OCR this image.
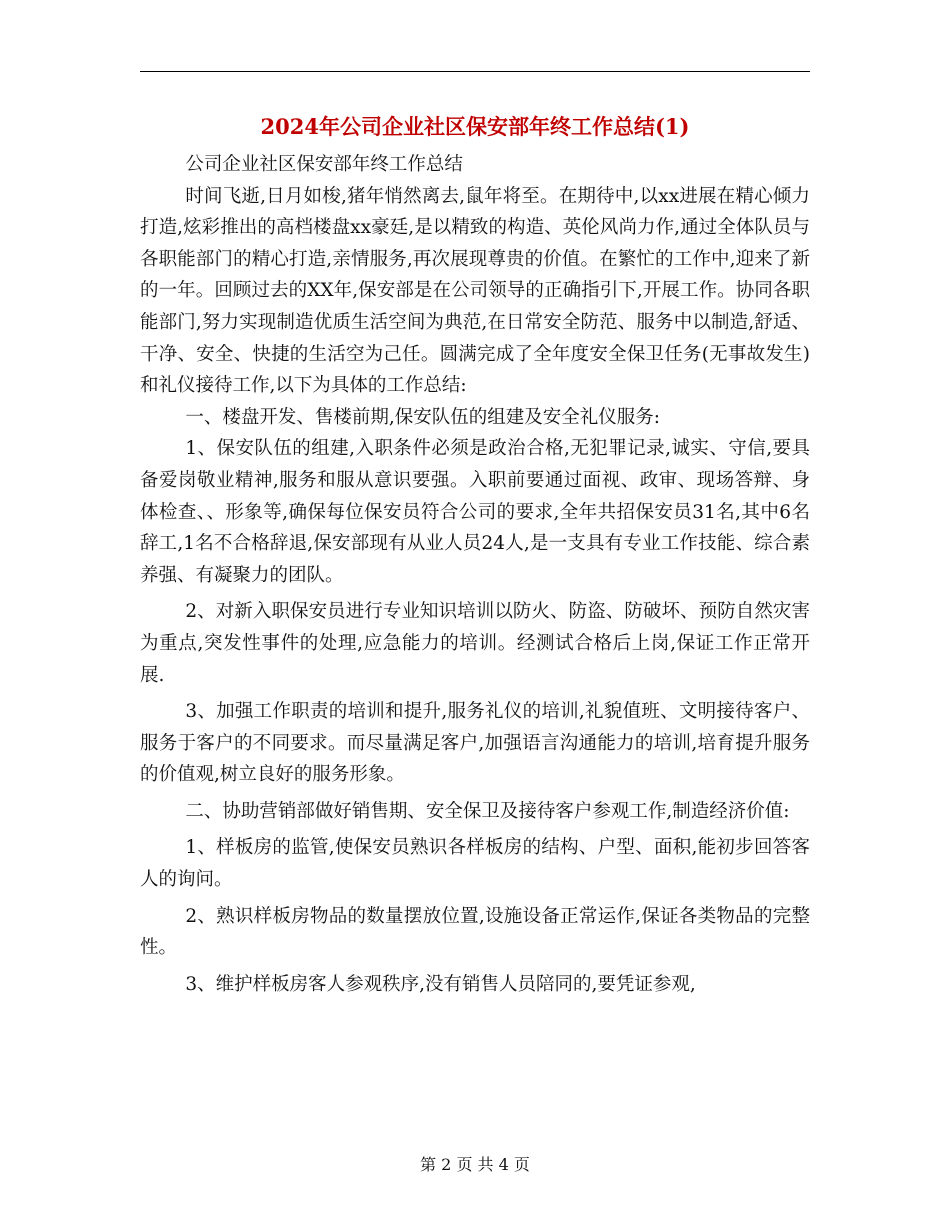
2024年公司企业社区保安部年终工作总结(1)

公司企业社区保安部年终工作总结

时间飞逝,日月如梭,猪年悄然离去,鼠年将至。在期待中,以xx进展在精心倾力打造,炫彩推出的高档楼盘xx豪廷,是以精致的构造、英伦风尚力作,通过全体队员与各职能部门的精心打造,亲情服务,再次展现尊贵的价值。在繁忙的工作中,迎来了新的一年。回顾过去的XX年,保安部是在公司领导的正确指引下,开展工作。协同各职能部门,努力实现制造优质生活空间为典范,在日常安全防范、服务中以制造,舒适、干净、安全、快捷的生活空为己任。圆满完成了全年度安全保卫任务(无事故发生)和礼仪接待工作,以下为具体的工作总结:

一、楼盘开发、售楼前期,保安队伍的组建及安全礼仪服务:

1、保安队伍的组建,入职条件必须是政治合格,无犯罪记录,诚实、守信,要具备爱岗敬业精神,服务和服从意识要强。入职前要通过面视、政审、现场答辩、身体检查、、形象等,确保每位保安员符合公司的要求,全年共招保安员31名,其中6名辞工,1名不合格辞退,保安部现有从业人员24人,是一支具有专业工作技能、综合素养强、有凝聚力的团队。

2、对新入职保安员进行专业知识培训以防火、防盗、防破坏、预防自然灾害为重点,突发性事件的处理,应急能力的培训。经测试合格后上岗,保证工作正常开展.

3、加强工作职责的培训和提升,服务礼仪的培训,礼貌值班、文明接待客户、服务于客户的不同要求。而尽量满足客户,加强语言沟通能力的培训,培育提升服务的价值观,树立良好的服务形象。

二、协助营销部做好销售期、安全保卫及接待客户参观工作,制造经济价值:

1、样板房的监管,使保安员熟识各样板房的结构、户型、面积,能初步回答客人的询问。

2、熟识样板房物品的数量摆放位置,设施设备正常运作,保证各类物品的完整性。

3、维护样板房客人参观秩序,没有销售人员陪同的,要凭证参观,

第 2 页 共 4 页
